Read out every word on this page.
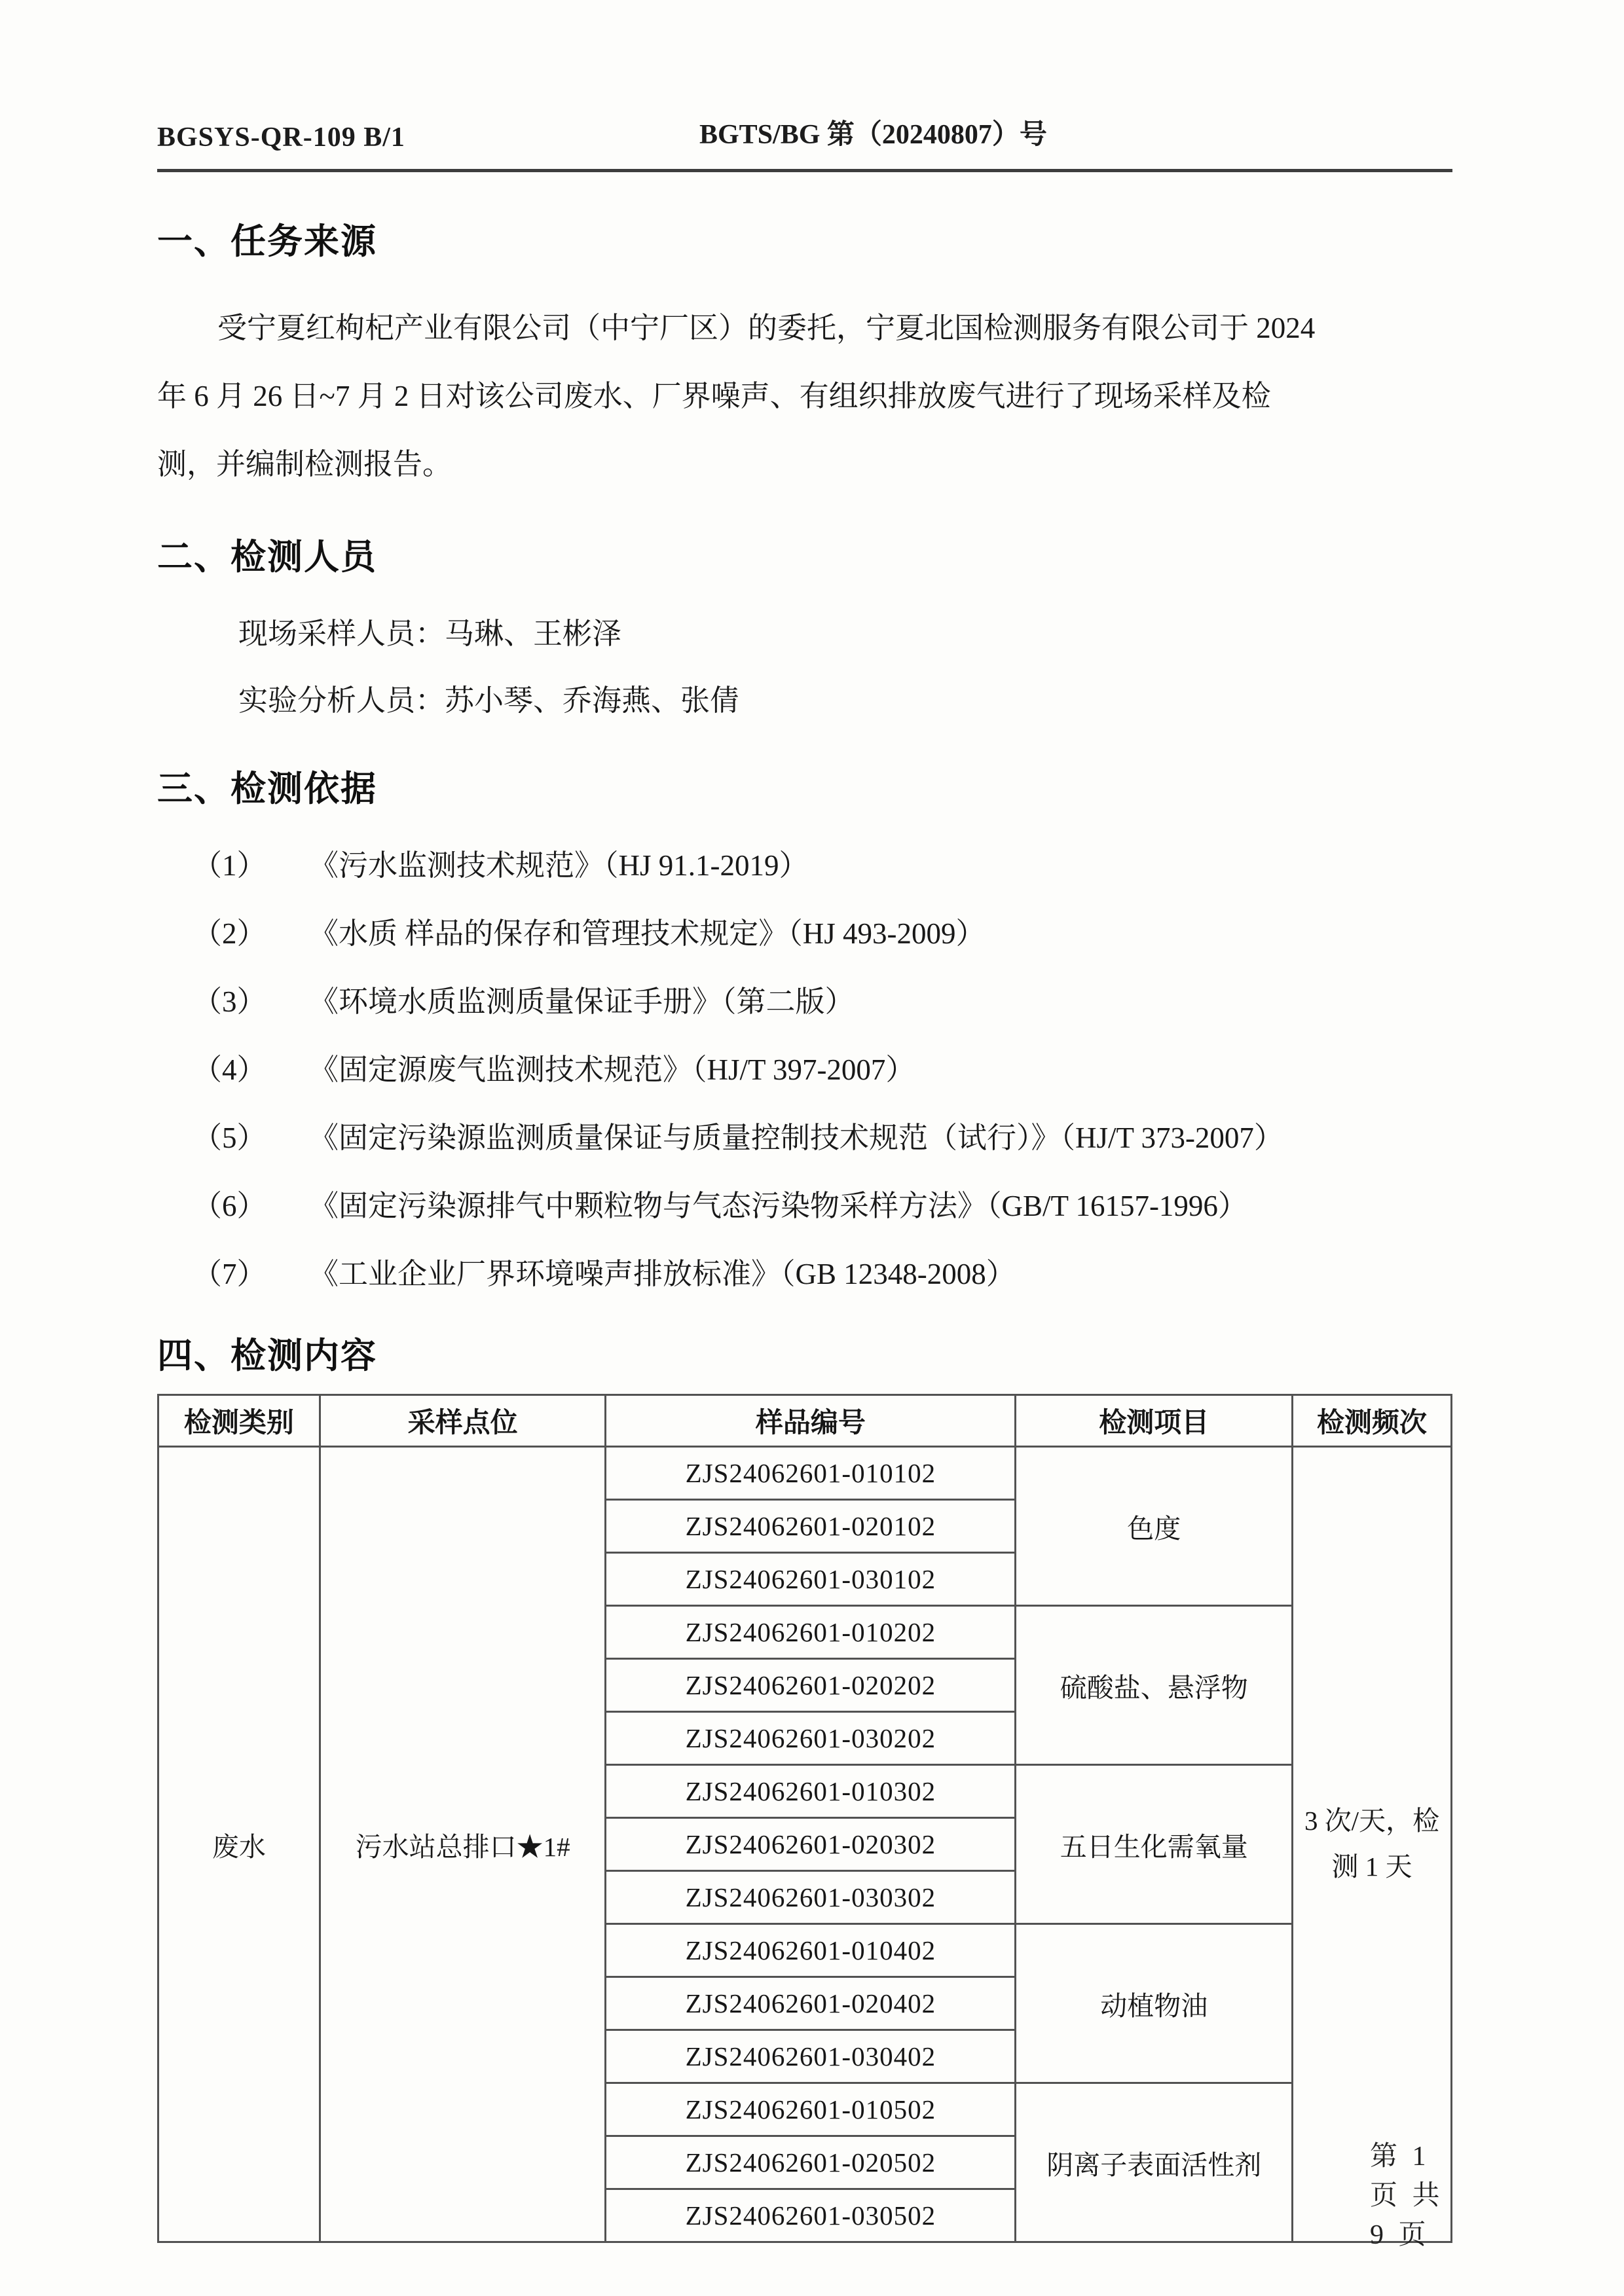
BGSYS-QR-109 B/1	BGTS/BG 第（20240807）号
一、任务来源
受宁夏红枸杞产业有限公司（中宁厂区）的委托，宁夏北国检测服务有限公司于 2024
年 6 月 26 日~7 月 2 日对该公司废水、厂界噪声、有组织排放废气进行了现场采样及检
测，并编制检测报告。
二、检测人员
现场采样人员：马琳、王彬泽
实验分析人员：苏小琴、乔海燕、张倩
三、检测依据
（1）	《污水监测技术规范》（HJ 91.1-2019）
（2）	《水质 样品的保存和管理技术规定》（HJ 493-2009）
（3）	《环境水质监测质量保证手册》（第二版）
（4）	《固定源废气监测技术规范》（HJ/T 397-2007）
（5）	《固定污染源监测质量保证与质量控制技术规范（试行）》（HJ/T 373-2007）
（6）	《固定污染源排气中颗粒物与气态污染物采样方法》（GB/T 16157-1996）
（7）	《工业企业厂界环境噪声排放标准》（GB 12348-2008）
四、检测内容
检测类别	采样点位	样品编号	检测项目	检测频次
废水	污水站总排口★1#	ZJS24062601-010102	色度	3 次/天，检测 1 天
		ZJS24062601-020102		
		ZJS24062601-030102		
		ZJS24062601-010202	硫酸盐、悬浮物	
		ZJS24062601-020202		
		ZJS24062601-030202		
		ZJS24062601-010302	五日生化需氧量	
		ZJS24062601-020302		
		ZJS24062601-030302		
		ZJS24062601-010402	动植物油	
		ZJS24062601-020402		
		ZJS24062601-030402		
		ZJS24062601-010502	阴离子表面活性剂	
		ZJS24062601-020502		
		ZJS24062601-030502		
第 1 页 共 9 页
